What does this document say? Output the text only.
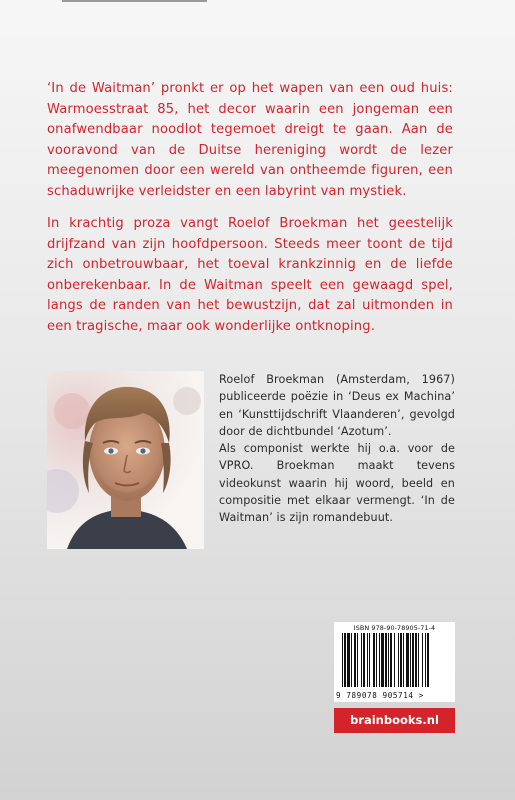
‘In de Waitman’ pronkt er op het wapen van een oud huis: Warmoesstraat 85, het decor waarin een jongeman een onafwendbaar noodlot tegemoet dreigt te gaan. Aan de vooravond van de Duitse hereniging wordt de lezer meegenomen door een wereld van ontheemde figuren, een schaduwrijke verleidster en een labyrint van mystiek.

In krachtig proza vangt Roelof Broekman het geestelijk drijfzand van zijn hoofdpersoon. Steeds meer toont de tijd zich onbetrouwbaar, het toeval krankzinnig en de liefde onberekenbaar. In de Waitman speelt een gewaagd spel, langs de randen van het bewustzijn, dat zal uitmonden in een tragische, maar ook wonderlijke ontknoping.

Roelof Broekman (Amsterdam, 1967) publiceerde poëzie in ‘Deus ex Machina’ en ‘Kunsttijdschrift Vlaanderen’, gevolgd door de dichtbundel ‘Azotum’.

Als componist werkte hij o.a. voor de VPRO. Broekman maakt tevens videokunst waarin hij woord, beeld en compositie met elkaar vermengt. ‘In de Waitman’ is zijn romandebuut.

ISBN 978-90-78905-71-4
9 789078 905714 >
brainbooks.nl
